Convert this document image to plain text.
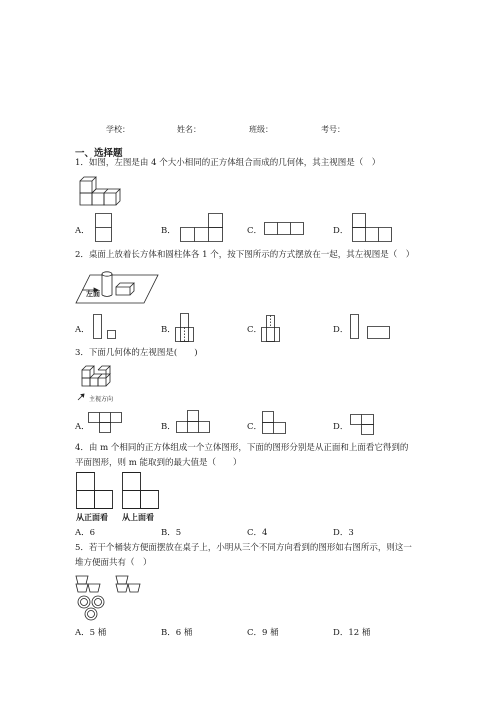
学校：	姓名：	班级：	考号：
一、选择题
1．如图，左图是由 4 个大小相同的正方体组合而成的几何体，其主视图是（　）
A．	B．	C．	D．
2．桌面上放着长方体和圆柱体各 1 个，按下图所示的方式摆放在一起，其左视图是（　）
左面
A．	B．	C．	D．
3．下面几何体的左视图是(　　)
主视方向
A．	B．	C．	D．
4．由 m 个相同的正方体组成一个立体图形，下面的图形分别是从正面和上面看它得到的
平面图形，则 m 能取到的最大值是（　　）
从正面看 从上面看
A．6	B．5	C．4	D．3
5．若干个桶装方便面摆放在桌子上，小明从三个不同方向看到的图形如右图所示，则这一
堆方便面共有（　）
A．5 桶	B．6 桶	C．9 桶	D．12 桶
